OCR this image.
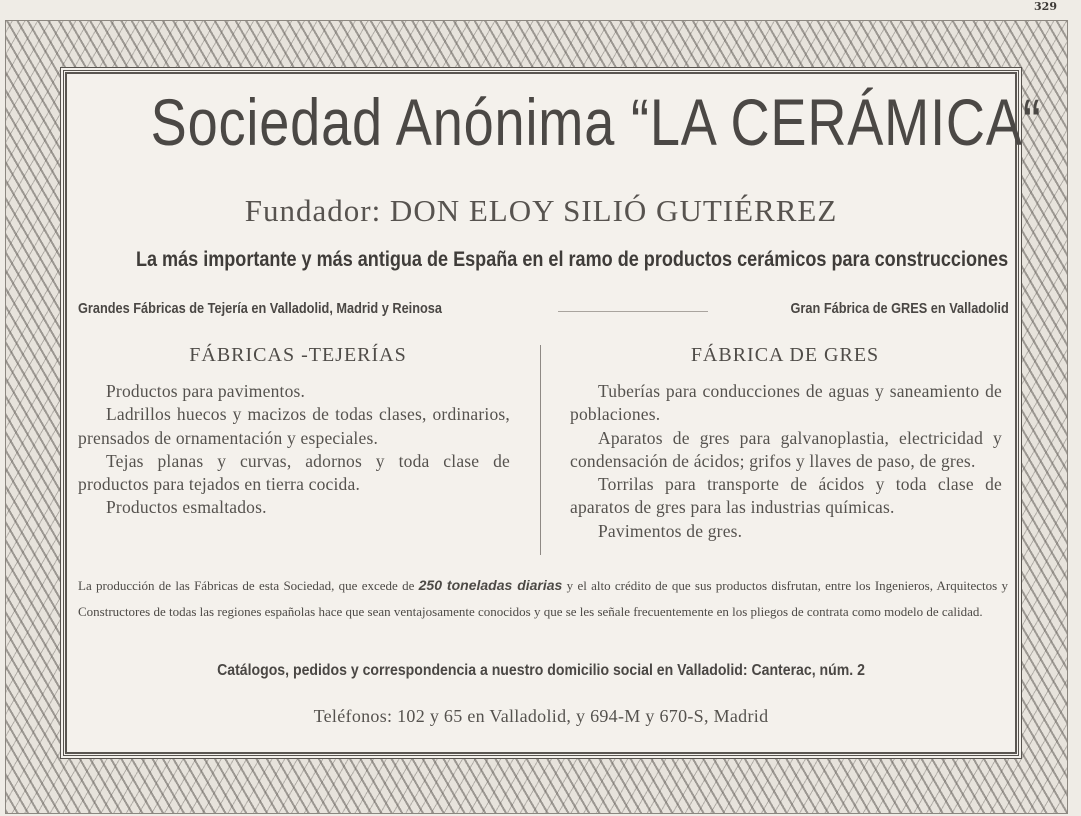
329
Sociedad Anónima “LA CERÁMICA“
Fundador: DON ELOY SILIÓ GUTIÉRREZ
La más importante y más antigua de España en el ramo de productos cerámicos para construcciones
Grandes Fábricas de Tejería en Valladolid, Madrid y Reinosa	Gran Fábrica de GRES en Valladolid
FÁBRICAS -TEJERÍAS	FÁBRICA DE GRES

Productos para pavimentos.

Ladrillos huecos y macizos de todas clases, ordinarios, prensados de ornamentación y especiales.

Tejas planas y curvas, adornos y toda clase de productos para tejados en tierra cocida.

Productos esmaltados.

Tuberías para conducciones de aguas y saneamiento de poblaciones.

Aparatos de gres para galvanoplastia, electricidad y condensación de ácidos; grifos y llaves de paso, de gres.

Torrilas para transporte de ácidos y toda clase de aparatos de gres para las industrias químicas.

Pavimentos de gres.

La producción de las Fábricas de esta Sociedad, que excede de 250 toneladas diarias y el alto crédito de que sus productos disfrutan, entre los Ingenieros, Arquitectos y Constructores de todas las regiones españolas hace que sean ventajosamente conocidos y que se les señale frecuentemente en los pliegos de contrata como modelo de calidad.
Catálogos, pedidos y correspondencia a nuestro domicilio social en Valladolid: Canterac, núm. 2
Teléfonos: 102 y 65 en Valladolid, y 694-M y 670-S, Madrid
